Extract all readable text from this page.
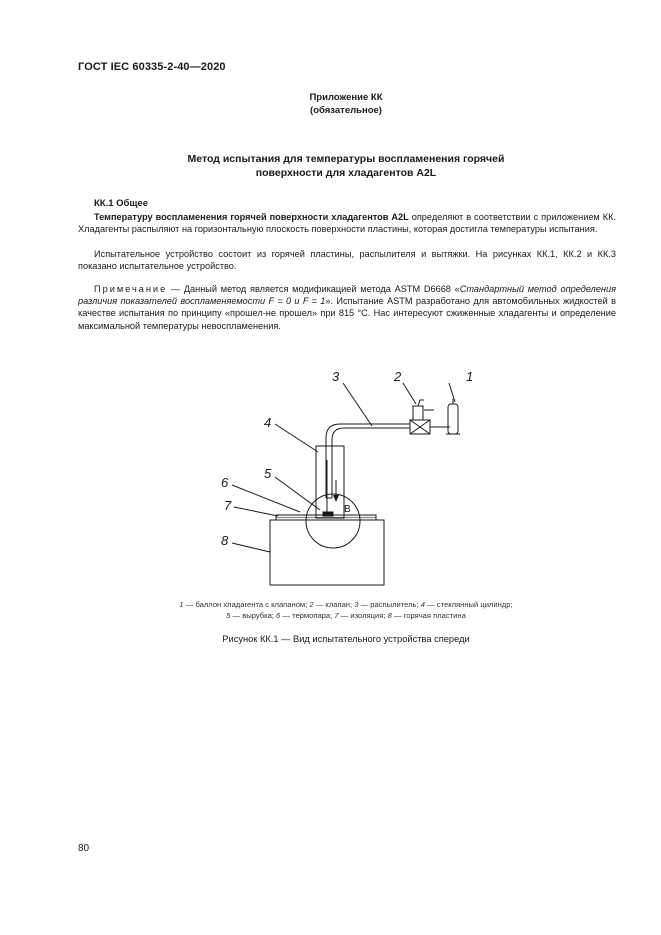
ГОСТ IEC 60335-2-40—2020
Приложение КК
(обязательное)
Метод испытания для температуры воспламенения горячей
поверхности для хладагентов A2L
КК.1 Общее
Температуру воспламенения горячей поверхности хладагентов A2L определяют в соответствии с приложением КК. Хладагенты распыляют на горизонтальную плоскость поверхности пластины, которая достигла температуры испытания.
Испытательное устройство состоит из горячей пластины, распылителя и вытяжки. На рисунках КК.1, КК.2 и КК.3 показано испытательное устройство.
Примечание — Данный метод является модификацией метода ASTM D6668 «Стандартный метод определения различия показателей воспламеняемости F = 0 и F = 1». Испытание ASTM разработано для автомобильных жидкостей в качестве испытания по принципу «прошел-не прошел» при 815 °С. Нас интересуют сжиженные хладагенты и определение максимальной температуры невоспламенения.
1
2
3
4
5
6
7
8
B
1 — баллон хладагента с клапаном; 2 — клапан; 3 — распылитель; 4 — стеклянный цилиндр;
5 — вырубка; 6 — термопара; 7 — изоляция; 8 — горячая пластина
Рисунок КК.1 — Вид испытательного устройства спереди
80
